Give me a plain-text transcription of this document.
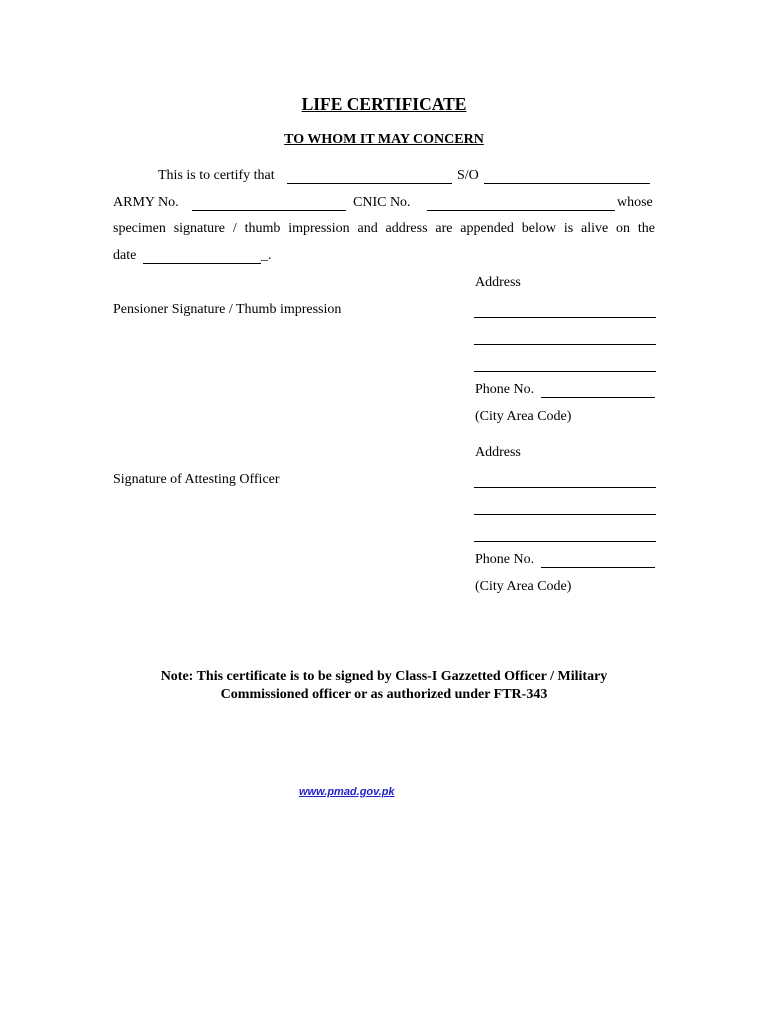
LIFE CERTIFICATE
TO WHOM IT MAY CONCERN
This is to certify that	S/O
ARMY No.	CNIC No.	whose
specimen signature / thumb impression and address are appended below is alive on the
date	_.
Address
Pensioner Signature / Thumb impression
Phone No.
(City Area Code)
Address
Signature of Attesting Officer
Phone No.
(City Area Code)
Note: This certificate is to be signed by Class-I Gazzetted Officer / Military
Commissioned officer or as authorized under FTR-343
www.pmad.gov.pk
